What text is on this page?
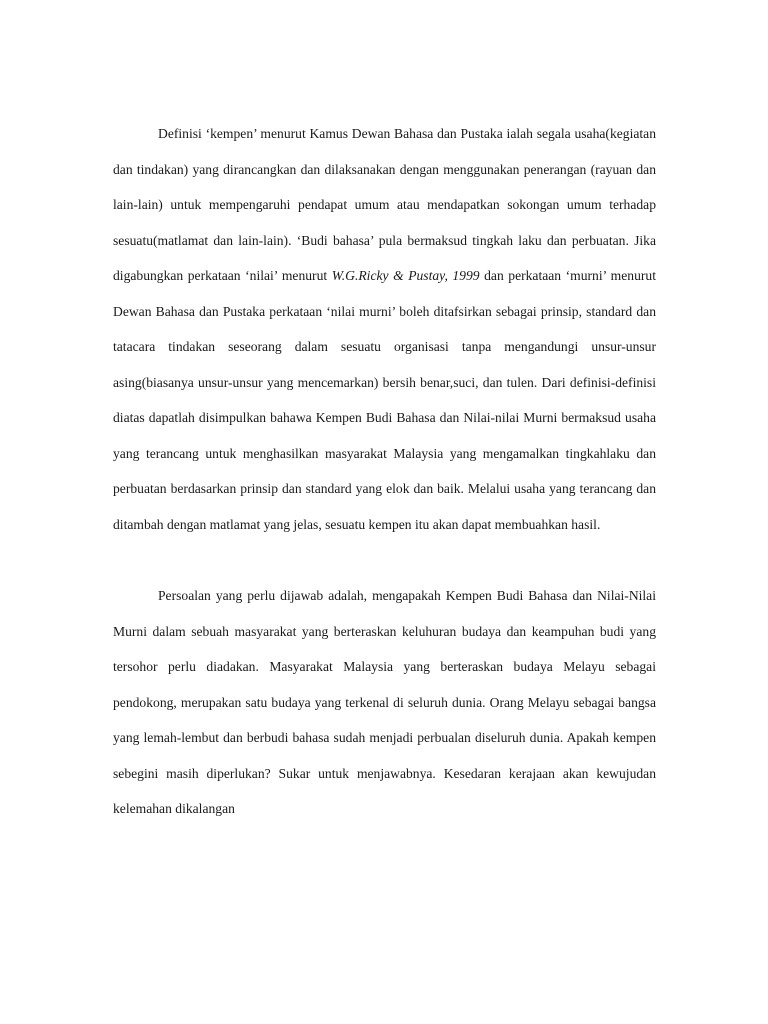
Definisi ‘kempen’ menurut Kamus Dewan Bahasa dan Pustaka ialah segala usaha(kegiatan dan tindakan) yang dirancangkan dan dilaksanakan dengan menggunakan penerangan (rayuan dan lain-lain) untuk mempengaruhi pendapat umum atau mendapatkan sokongan umum terhadap sesuatu(matlamat dan lain-lain). ‘Budi bahasa’ pula bermaksud tingkah laku dan perbuatan. Jika digabungkan perkataan ‘nilai’ menurut W.G.Ricky & Pustay, 1999 dan perkataan ‘murni’ menurut Dewan Bahasa dan Pustaka perkataan ‘nilai murni’ boleh ditafsirkan sebagai prinsip, standard dan tatacara tindakan seseorang dalam sesuatu organisasi tanpa mengandungi unsur-unsur asing(biasanya unsur-unsur yang mencemarkan) bersih benar,suci, dan tulen. Dari definisi-definisi diatas dapatlah disimpulkan bahawa Kempen Budi Bahasa dan Nilai-nilai Murni bermaksud usaha yang terancang untuk menghasilkan masyarakat Malaysia yang mengamalkan tingkahlaku dan perbuatan berdasarkan prinsip dan standard yang elok dan baik. Melalui usaha yang terancang dan ditambah dengan matlamat yang jelas, sesuatu kempen itu akan dapat membuahkan hasil.

Persoalan yang perlu dijawab adalah, mengapakah Kempen Budi Bahasa dan Nilai-Nilai Murni dalam sebuah masyarakat yang berteraskan keluhuran budaya dan keampuhan budi yang tersohor perlu diadakan. Masyarakat Malaysia yang berteraskan budaya Melayu sebagai pendokong, merupakan satu budaya yang terkenal di seluruh dunia. Orang Melayu sebagai bangsa yang lemah-lembut dan berbudi bahasa sudah menjadi perbualan diseluruh dunia. Apakah kempen sebegini masih diperlukan? Sukar untuk menjawabnya. Kesedaran kerajaan akan kewujudan kelemahan dikalangan
